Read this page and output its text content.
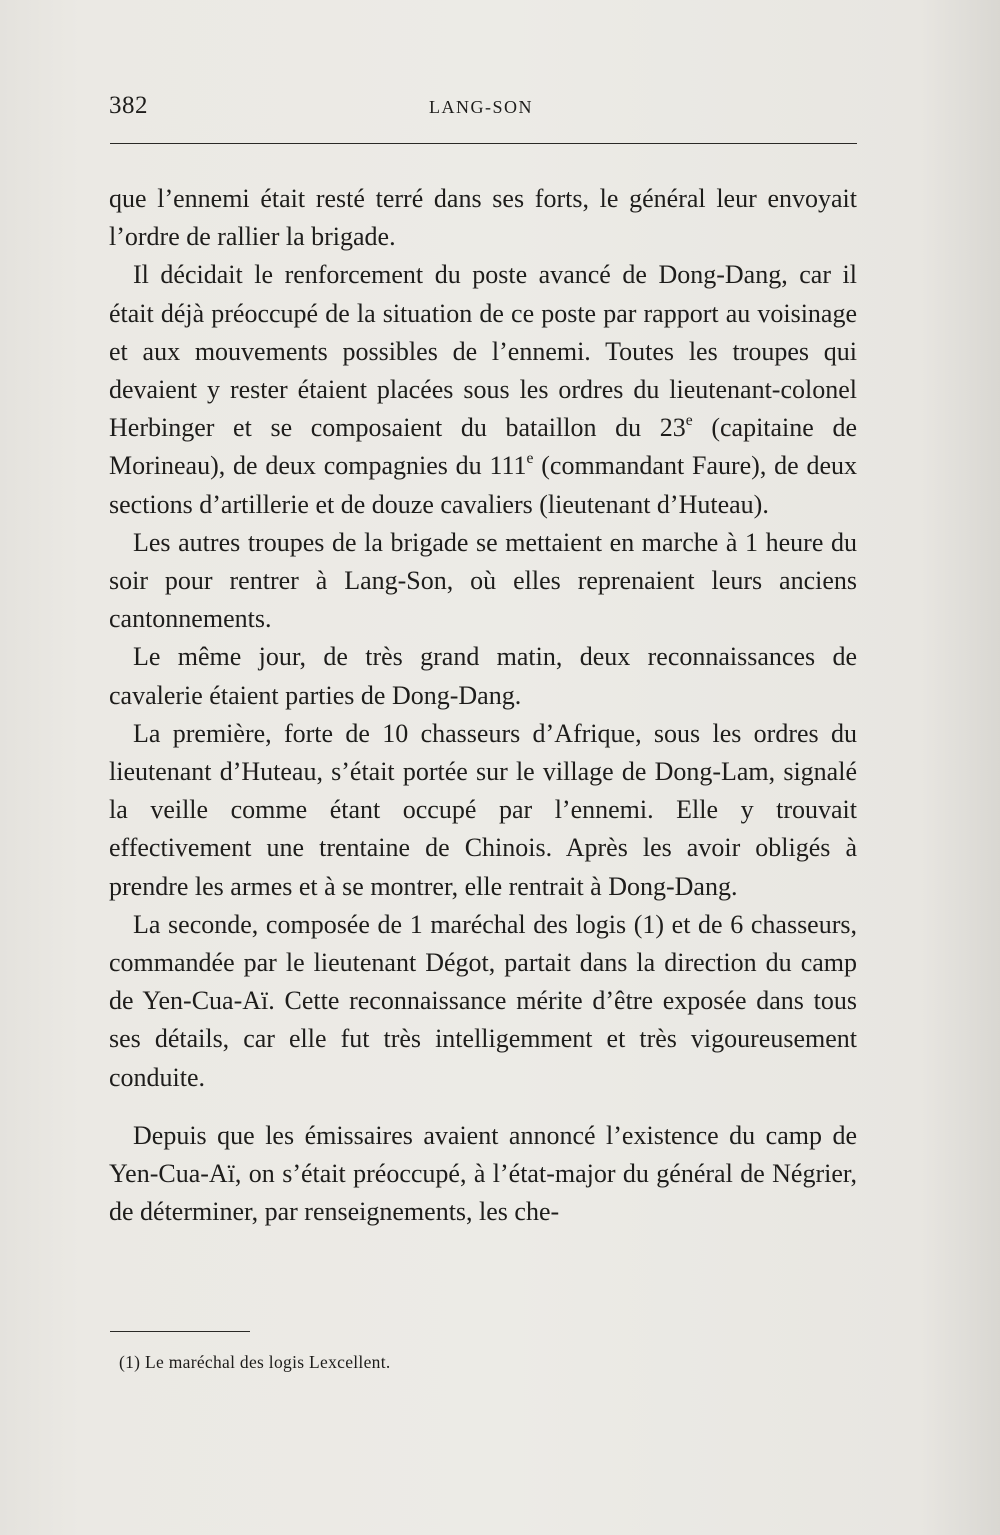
382	LANG-SON

que l’ennemi était resté terré dans ses forts, le général leur envoyait l’ordre de rallier la brigade.

Il décidait le renforcement du poste avancé de Dong-Dang, car il était déjà préoccupé de la situation de ce poste par rapport au voisinage et aux mouvements possibles de l’ennemi. Toutes les troupes qui devaient y rester étaient placées sous les ordres du lieutenant-colonel Herbinger et se composaient du bataillon du 23e (capitaine de Morineau), de deux compagnies du 111e (commandant Faure), de deux sections d’artillerie et de douze cavaliers (lieutenant d’Huteau).

Les autres troupes de la brigade se mettaient en marche à 1 heure du soir pour rentrer à Lang-Son, où elles reprenaient leurs anciens cantonnements.

Le même jour, de très grand matin, deux reconnaissances de cavalerie étaient parties de Dong-Dang.

La première, forte de 10 chasseurs d’Afrique, sous les ordres du lieutenant d’Huteau, s’était portée sur le village de Dong-Lam, signalé la veille comme étant occupé par l’ennemi. Elle y trouvait effectivement une trentaine de Chinois. Après les avoir obligés à prendre les armes et à se montrer, elle rentrait à Dong-Dang.

La seconde, composée de 1 maréchal des logis (1) et de 6 chasseurs, commandée par le lieutenant Dégot, partait dans la direction du camp de Yen-Cua-Aï. Cette reconnaissance mérite d’être exposée dans tous ses détails, car elle fut très intelligemment et très vigoureusement conduite.

Depuis que les émissaires avaient annoncé l’existence du camp de Yen-Cua-Aï, on s’était préoccupé, à l’état-major du général de Négrier, de déterminer, par renseignements, les che-

(1) Le maréchal des logis Lexcellent.
